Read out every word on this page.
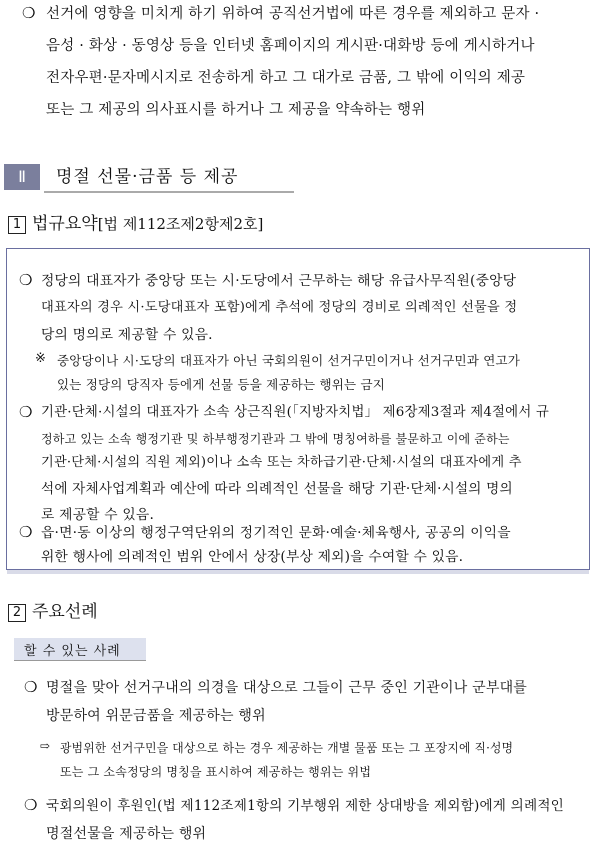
❍ 선거에 영향을 미치게 하기 위하여 공직선거법에 따른 경우를 제외하고 문자 ·
음성 · 화상 · 동영상 등을 인터넷 홈페이지의 게시판·대화방 등에 게시하거나
전자우편·문자메시지로 전송하게 하고 그 대가로 금품, 그 밖에 이익의 제공
또는 그 제공의 의사표시를 하거나 그 제공을 약속하는 행위
Ⅱ	명절 선물·금품 등 제공
1 법규요약[법 제112조제2항제2호]
❍ 정당의 대표자가 중앙당 또는 시·도당에서 근무하는 해당 유급사무직원(중앙당
대표자의 경우 시·도당대표자 포함)에게 추석에 정당의 경비로 의례적인 선물을 정
당의 명의로 제공할 수 있음.
※ 중앙당이나 시·도당의 대표자가 아닌 국회의원이 선거구민이거나 선거구민과 연고가
있는 정당의 당직자 등에게 선물 등을 제공하는 행위는 금지
❍ 기관·단체·시설의 대표자가 소속 상근직원(「지방자치법」 제6장제3절과 제4절에서 규
정하고 있는 소속 행정기관 및 하부행정기관과 그 밖에 명칭여하를 불문하고 이에 준하는
기관·단체·시설의 직원 제외)이나 소속 또는 차하급기관·단체·시설의 대표자에게 추
석에 자체사업계획과 예산에 따라 의례적인 선물을 해당 기관·단체·시설의 명의
로 제공할 수 있음.
❍ 읍·면·동 이상의 행정구역단위의 정기적인 문화·예술·체육행사, 공공의 이익을
위한 행사에 의례적인 범위 안에서 상장(부상 제외)을 수여할 수 있음.
2 주요선례
할 수 있는 사례
❍ 명절을 맞아 선거구내의 의경을 대상으로 그들이 근무 중인 기관이나 군부대를
방문하여 위문금품을 제공하는 행위
⇨ 광범위한 선거구민을 대상으로 하는 경우 제공하는 개별 물품 또는 그 포장지에 직·성명
또는 그 소속정당의 명칭을 표시하여 제공하는 행위는 위법
❍ 국회의원이 후원인(법 제112조제1항의 기부행위 제한 상대방을 제외함)에게 의례적인
명절선물을 제공하는 행위
